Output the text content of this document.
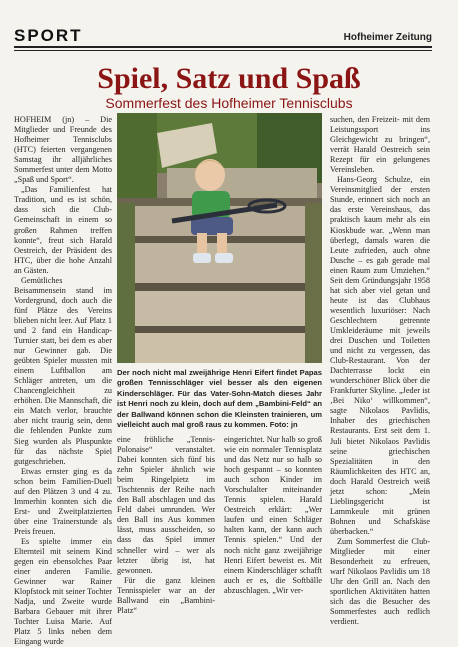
SPORT	Hofheimer Zeitung
Spiel, Satz und Spaß
Sommerfest des Hofheimer Tennisclubs

HOFHEIM (jn) – Die Mitglieder und Freunde des Hofheimer Tennisclubs (HTC) feierten vergangenen Samstag ihr alljährliches Sommerfest unter dem Motto „Spaß und Sport“.

„Das Familienfest hat Tradition, und es ist schön, dass sich die Club-Gemeinschaft in einem so großen Rahmen treffen konnte“, freut sich Harald Oestreich, der Präsident des HTC, über die hohe Anzahl an Gästen.

Gemütliches Beisammensein stand im Vordergrund, doch auch die fünf Plätze des Vereins blieben nicht leer. Auf Platz 1 und 2 fand ein Handicap-Turnier statt, bei dem es aber nur Gewinner gab. Die geübten Spieler mussten mit einem Luftballon am Schläger antreten, um die Chancengleichheit zu erhöhen. Die Mannschaft, die ein Match verlor, brauchte aber nicht traurig sein, denn die fehlenden Punkte zum Sieg wurden als Pluspunkte für das nächste Spiel gutgeschrieben.

Etwas ernster ging es da schon beim Familien-Duell auf den Plätzen 3 und 4 zu. Immerhin konnten sich die Erst- und Zweitplatzierten über eine Trainerstunde als Preis freuen.

Es spielte immer ein Elternteil mit seinem Kind gegen ein ebensolches Paar einer anderen Familie. Gewinner war Rainer Klopfstock mit seiner Tochter Nadja, und Zweite wurde Barbara Gebauer mit ihrer Tochter Luisa Marie. Auf Platz 5 links neben dem Eingang wurde

Der noch nicht mal zweijährige Henri Eifert findet Papas großen Tennisschläger viel besser als den eigenen Kinderschläger. Für das Vater-Sohn-Match dieses Jahr ist Henri noch zu klein, doch auf dem „Bambini-Feld“ an der Ballwand können schon die Kleinsten trainieren, um vielleicht auch mal groß raus zu kommen. Foto: jn

eine fröhliche „Tennis-Polonaise“ veranstaltet. Dabei konnten sich fünf bis zehn Spieler ähnlich wie beim Ringelpietz im Tischtennis der Reihe nach den Ball abschlagen und das Feld dabei umrunden. Wer den Ball ins Aus kommen lässt, muss ausscheiden, so dass das Spiel immer schneller wird – wer als letzter übrig ist, hat gewonnen.

Für die ganz kleinen Tennisspieler war an der Ballwand ein „Bambini-Platz“

eingerichtet. Nur halb so groß wie ein normaler Tennisplatz und das Netz nur so halb so hoch gespannt – so konnten auch schon Kinder im Vorschulalter miteinander Tennis spielen. Harald Oestreich erklärt: „Wer laufen und einen Schläger halten kann, der kann auch Tennis spielen.“ Und der noch nicht ganz zweijährige Henri Eifert beweist es. Mit einem Kinderschläger schafft auch er es, die Softbälle abzuschlagen. „Wir ver-

suchen, den Freizeit- mit dem Leistungssport ins Gleichgewicht zu bringen“, verrät Harald Oestreich sein Rezept für ein gelungenes Vereinsleben.

Hans-Georg Schulze, ein Vereinsmitglied der ersten Stunde, erinnert sich noch an das erste Vereinshaus, das praktisch kaum mehr als ein Kioskbude war. „Wenn man überlegt, damals waren die Leute zufrieden, auch ohne Dusche – es gab gerade mal einen Raum zum Umziehen.“ Seit dem Gründungsjahr 1958 hat sich aber viel getan und heute ist das Clubhaus wesentlich luxuriöser: Nach Geschlechtern getrennte Umkleideräume mit jeweils drei Duschen und Toiletten und nicht zu vergessen, das Club-Restaurant. Von der Dachterrasse lockt ein wunderschöner Blick über die Frankfurter Skyline. „Jeder ist ‚Bei Niko‘ willkommen“, sagte Nikolaos Pavlidis, Inhaber des griechischen Restaurants. Erst seit dem 1. Juli bietet Nikolaos Pavlidis seine griechischen Spezialitäten in den Räumlichkeiten des HTC an, doch Harald Oestreich weiß jetzt schon: „Mein Lieblingsgericht ist Lammkeule mit grünen Bohnen und Schafskäse überbacken.“

Zum Sommerfest die Club-Mitglieder mit einer Besonderheit zu erfreuen, warf Nikolaos Pavlidis um 18 Uhr den Grill an. Nach den sportlichen Aktivitäten hatten sich das die Besucher des Sommerfestes auch redlich verdient.
